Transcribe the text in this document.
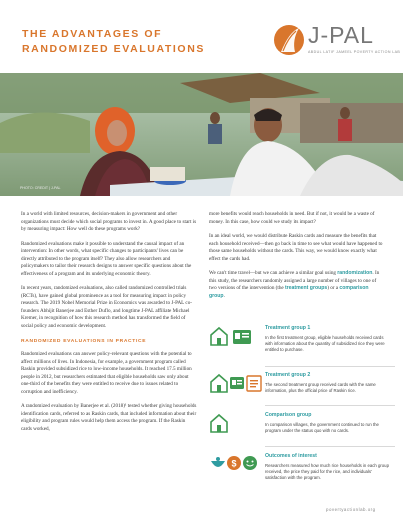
THE ADVANTAGES OF
RANDOMIZED EVALUATIONS
J-PAL
ABDUL LATIF JAMEEL POVERTY ACTION LAB
PHOTO: CREDIT | J-PAL

In a world with limited resources, decision-makers in government and other organizations must decide which social programs to invest in. A good place to start is by measuring impact: How well do these programs work?

Randomized evaluations make it possible to understand the causal impact of an intervention: In other words, what specific changes to participants' lives can be directly attributed to the program itself? They also allow researchers and policymakers to tailor their research designs to answer specific questions about the effectiveness of a program and its underlying economic theory.

In recent years, randomized evaluations, also called randomized controlled trials (RCTs), have gained global prominence as a tool for measuring impact in policy research. The 2019 Nobel Memorial Prize in Economics was awarded to J-PAL co-founders Abhijit Banerjee and Esther Duflo, and longtime J-PAL affiliate Michael Kremer, in recognition of how this research method has transformed the field of social policy and economic development.

RANDOMIZED EVALUATIONS IN PRACTICE

Randomized evaluations can answer policy-relevant questions with the potential to affect millions of lives. In Indonesia, for example, a government program called Raskin provided subsidized rice to low-income households. It reached 17.5 million people in 2012, but researchers estimated that eligible households saw only about one-third of the benefits they were entitled to receive due to issues related to corruption and inefficiency.

A randomized evaluation by Banerjee et al. (2018)¹ tested whether giving households identification cards, referred to as Raskin cards, that included information about their eligibility and program rules would help them access the program. If the Raskin cards worked,

more benefits would reach households in need. But if not, it would be a waste of money. In this case, how could we study its impact?

In an ideal world, we would distribute Raskin cards and measure the benefits that each household received—then go back in time to see what would have happened to those same households without the cards. This way, we would know exactly what effect the cards had.

We can't time travel—but we can achieve a similar goal using randomization. In this study, the researchers randomly assigned a large number of villages to one of two versions of the intervention (the treatment groups) or a comparison group.

Treatment group 1
In the first treatment group, eligible households received cards with information about the quantity of subsidized rice they were entitled to purchase.
Treatment group 2
The second treatment group received cards with the same information, plus the official price of Raskin rice.
Comparison group
In comparison villages, the government continued to run the program under the status quo with no cards.
$
Outcomes of interest
Researchers measured how much rice households in each group received, the price they paid for the rice, and individuals' satisfaction with the program.
povertyactionlab.org
